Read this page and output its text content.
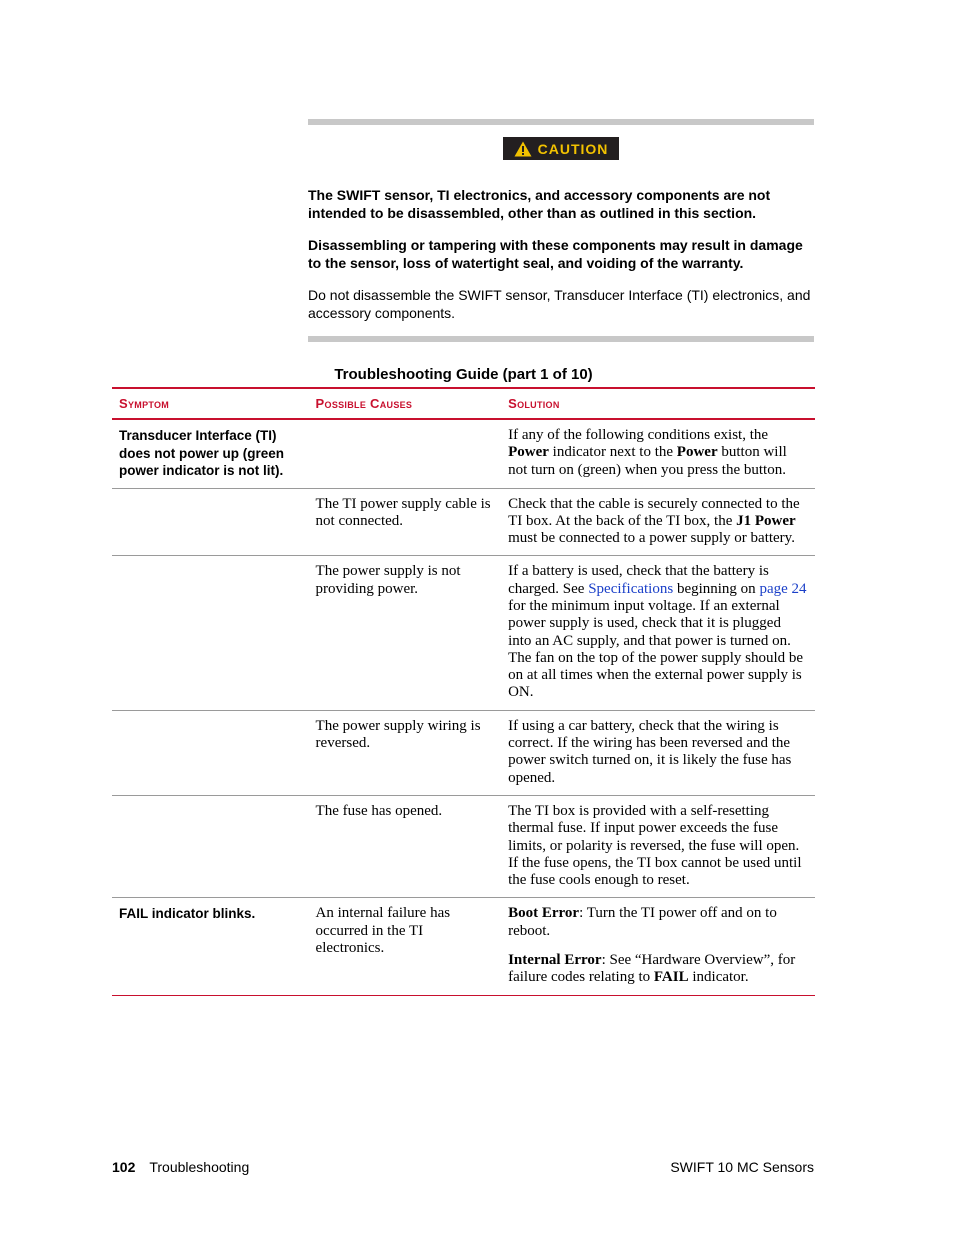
CAUTION

The SWIFT sensor, TI electronics, and accessory components are not intended to be disassembled, other than as outlined in this section.

Disassembling or tampering with these components may result in damage to the sensor, loss of watertight seal, and voiding of the warranty.

Do not disassemble the SWIFT sensor, Transducer Interface (TI) electronics, and accessory components.

Troubleshooting Guide (part 1 of 10)
Symptom	Possible Causes	Solution
Transducer Interface (TI) does not power up (green power indicator is not lit).		If any of the following conditions exist, the Power indicator next to the Power button will not turn on (green) when you press the button.
	The TI power supply cable is not connected.	Check that the cable is securely connected to the TI box. At the back of the TI box, the J1 Power must be connected to a power supply or battery.
	The power supply is not providing power.	If a battery is used, check that the battery is charged. See Specifications beginning on page 24 for the minimum input voltage. If an external power supply is used, check that it is plugged into an AC supply, and that power is turned on. The fan on the top of the power supply should be on at all times when the external power supply is ON.
	The power supply wiring is reversed.	If using a car battery, check that the wiring is correct. If the wiring has been reversed and the power switch turned on, it is likely the fuse has opened.
	The fuse has opened.	The TI box is provided with a self-resetting thermal fuse. If input power exceeds the fuse limits, or polarity is reversed, the fuse will open. If the fuse opens, the TI box cannot be used until the fuse cools enough to reset.
FAIL indicator blinks.	An internal failure has occurred in the TI electronics.	Boot Error: Turn the TI power off and on to reboot.

Internal Error: See “Hardware Overview”, for failure codes relating to FAIL indicator.

102 Troubleshooting	SWIFT 10 MC Sensors
